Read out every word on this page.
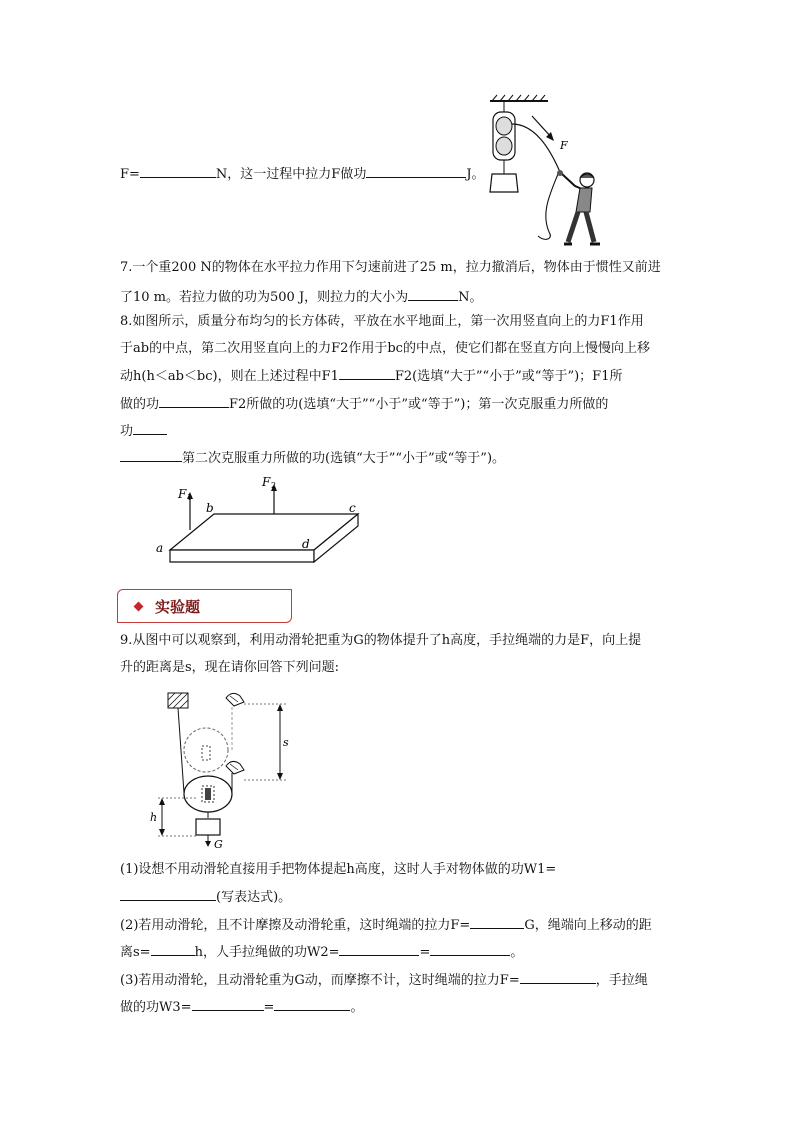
F=	N，这一过程中拉力F做功	J。
F
7.一个重200 N的物体在水平拉力作用下匀速前进了25 m，拉力撤消后，物体由于惯性又前进
了10 m。若拉力做的功为500 J，则拉力的大小为	N。
8.如图所示，质量分布均匀的长方体砖，平放在水平地面上，第一次用竖直向上的力F1作用
于ab的中点，第二次用竖直向上的力F2作用于bc的中点，使它们都在竖直方向上慢慢向上移
动h(h＜ab＜bc)，则在上述过程中F1	F2(选填“大于”“小于”或“等于”)；F1所
做的功	F2所做的功(选填“大于”“小于”或“等于”)；第一次克服重力所做的
功
第二次克服重力所做的功(选镇“大于”“小于”或“等于”)。
F 1
F 2
a
b	c
d
实验题
9.从图中可以观察到，利用动滑轮把重为G的物体提升了h高度，手拉绳端的力是F，向上提
升的距离是s，现在请你回答下列问题:
G
s
h
(1)设想不用动滑轮直接用手把物体提起h高度，这时人手对物体做的功W1=
(写表达式)。
(2)若用动滑轮，且不计摩擦及动滑轮重，这时绳端的拉力F=	G，绳端向上移动的距
离s=	h，人手拉绳做的功W2=	=	。
(3)若用动滑轮，且动滑轮重为G动，而摩擦不计，这时绳端的拉力F=	，手拉绳
做的功W3=	=	。
